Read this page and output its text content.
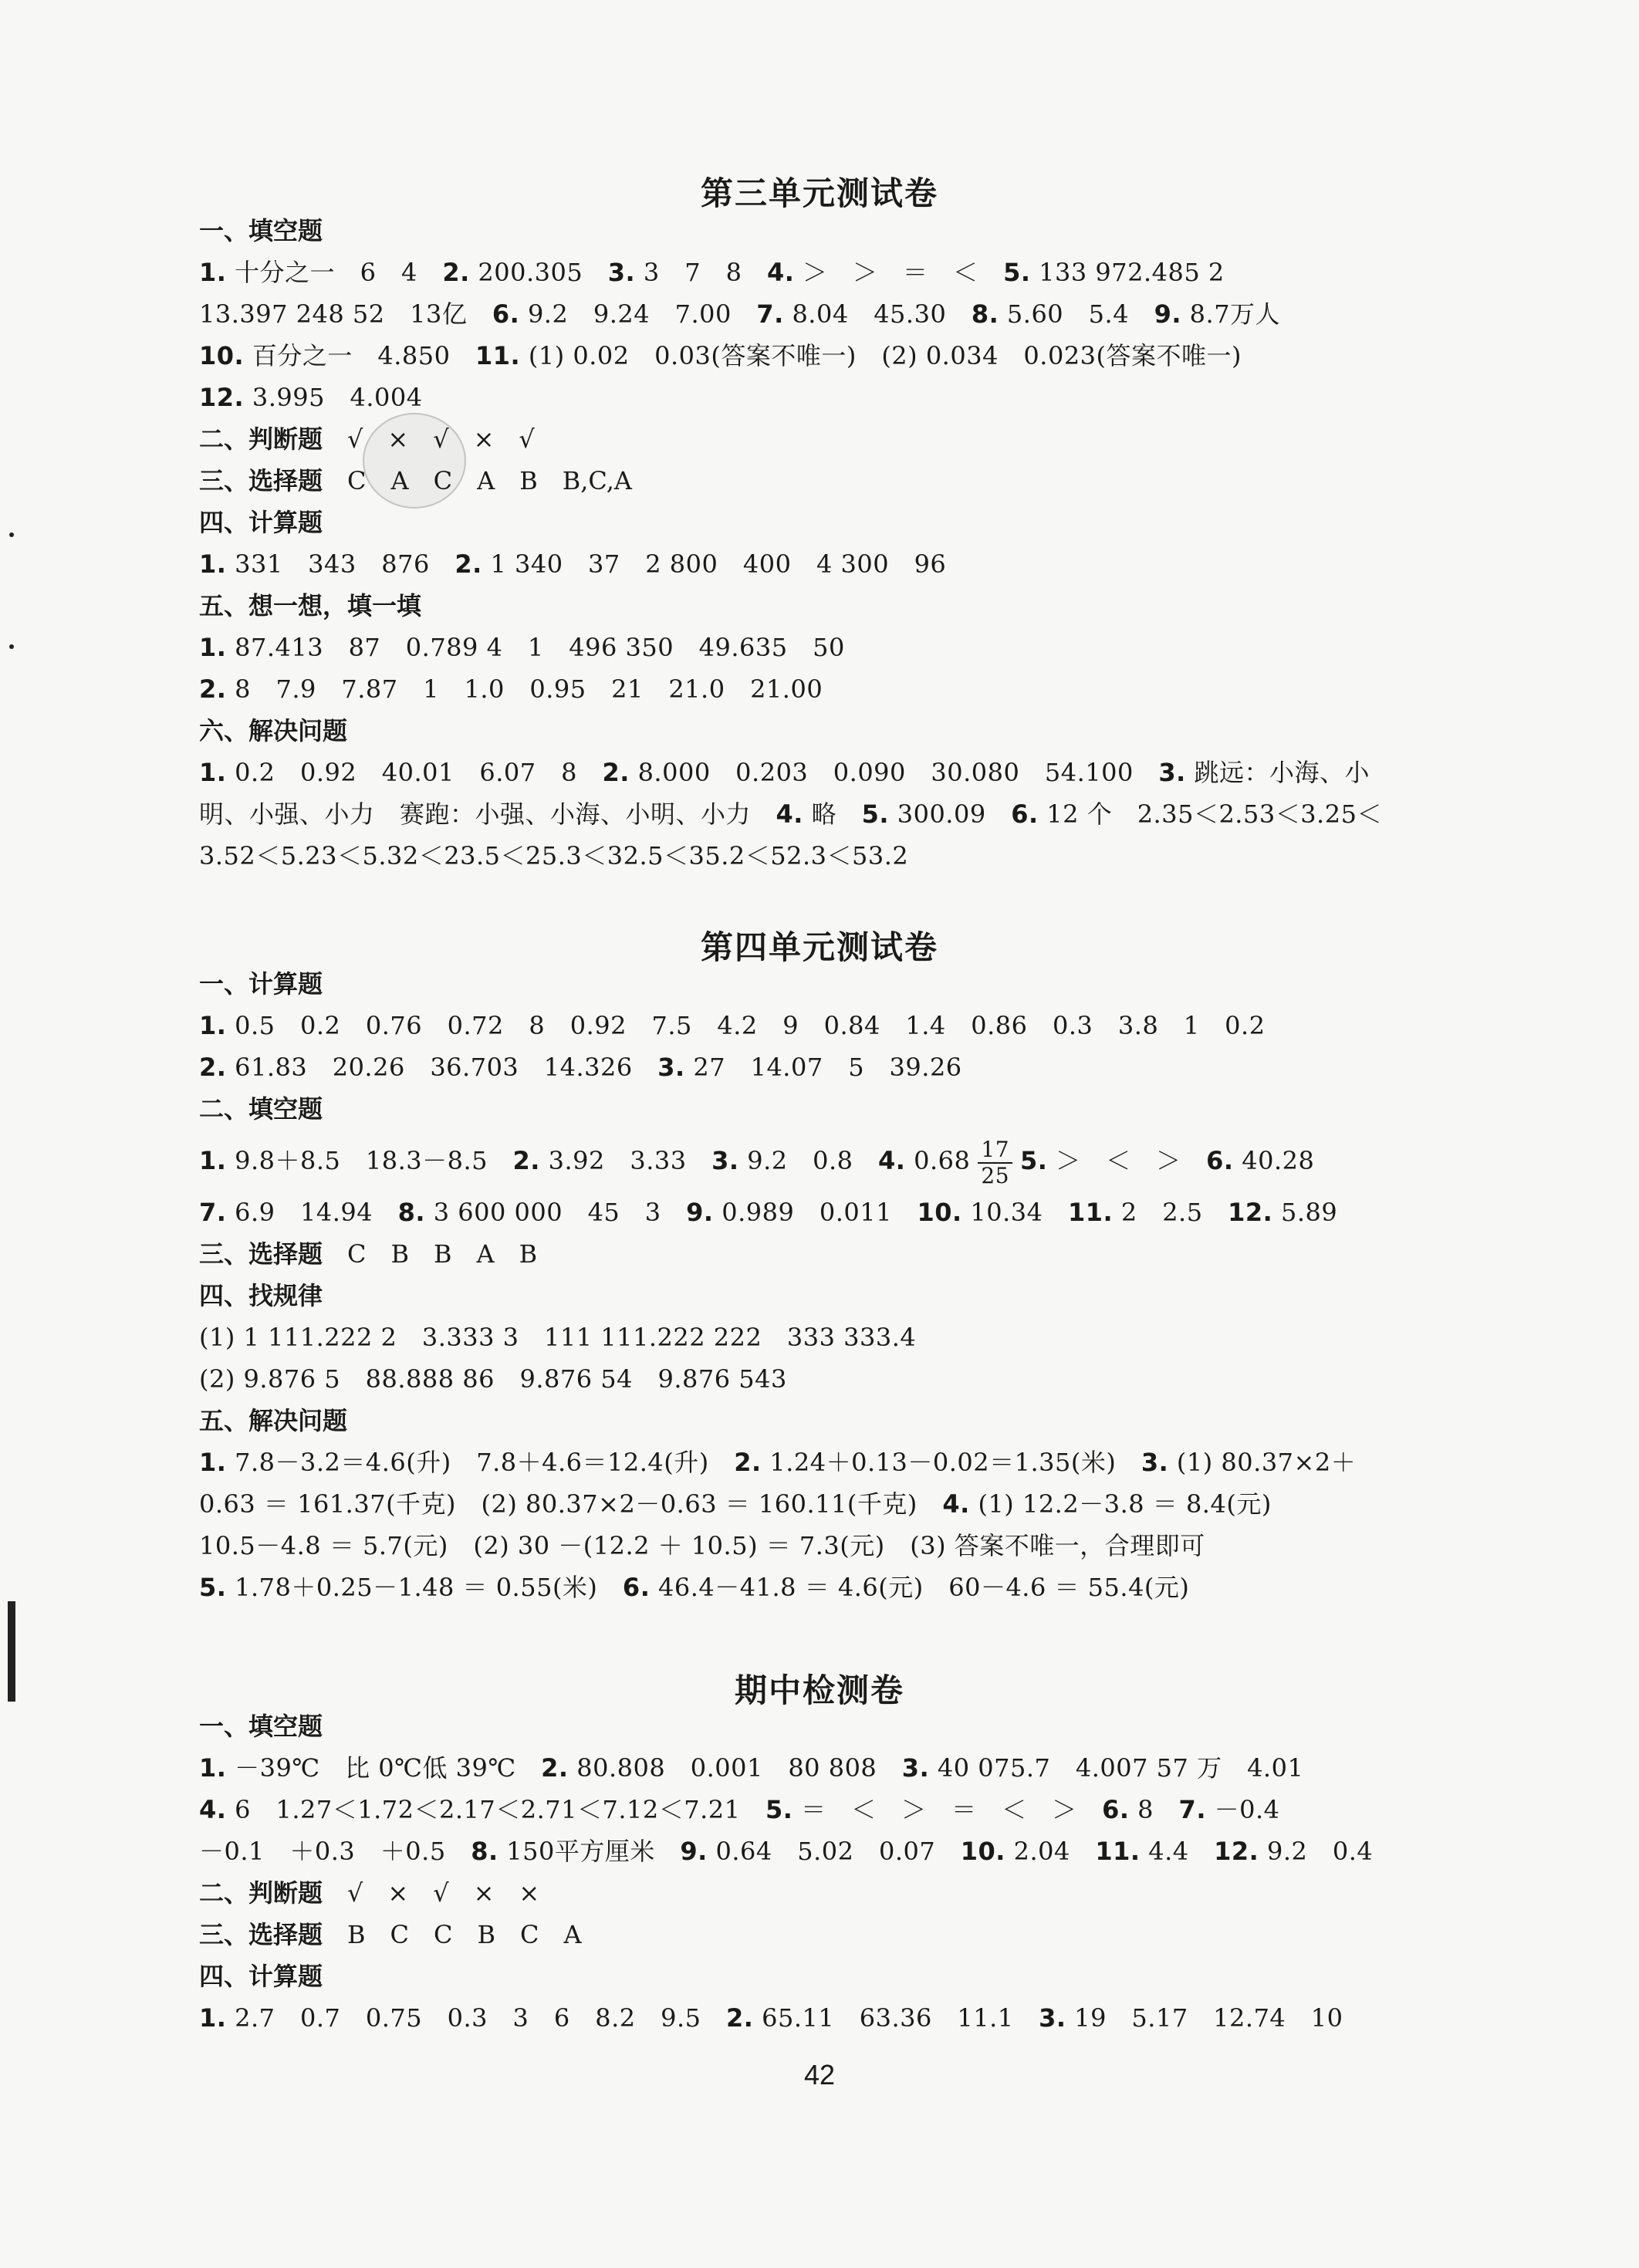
第三单元测试卷
一、填空题
1. 十分之一　6　4　2. 200.305　3. 3　7　8　4. ＞　＞　＝　＜　5. 133 972.485 2
13.397 248 52　13亿　6. 9.2　9.24　7.00　7. 8.04　45.30　8. 5.60　5.4　9. 8.7万人
10. 百分之一　4.850　11. (1) 0.02　0.03(答案不唯一)　(2) 0.034　0.023(答案不唯一)
12. 3.995　4.004
二、判断题　√　×　√　×　√
三、选择题　C　A　C　A　B　B,C,A
四、计算题
1. 331　343　876　2. 1 340　37　2 800　400　4 300　96
五、想一想，填一填
1. 87.413　87　0.789 4　1　496 350　49.635　50
2. 8　7.9　7.87　1　1.0　0.95　21　21.0　21.00
六、解决问题
1. 0.2　0.92　40.01　6.07　8　2. 8.000　0.203　0.090　30.080　54.100　3. 跳远：小海、小
明、小强、小力　赛跑：小强、小海、小明、小力　4. 略　5. 300.09　6. 12 个　2.35＜2.53＜3.25＜
3.52＜5.23＜5.32＜23.5＜25.3＜32.5＜35.2＜52.3＜53.2
第四单元测试卷
一、计算题
1. 0.5　0.2　0.76　0.72　8　0.92　7.5　4.2　9　0.84　1.4　0.86　0.3　3.8　1　0.2
2. 61.83　20.26　36.703　14.326　3. 27　14.07　5　39.26
二、填空题
1. 9.8＋8.5　18.3－8.5　2. 3.92　3.33　3. 9.2　0.8　4. $0.68 \frac{17}{25} 5$. ＞　＜　＞　6. 40.28
7. 6.9　14.94　8. 3 600 000　45　3　9. 0.989　0.011　10. 10.34　11. 2　2.5　12. 5.89
三、选择题　C　B　B　A　B
四、找规律
(1) 1 111.222 2　3.333 3　111 111.222 222　333 333.4
(2) 9.876 5　88.888 86　9.876 54　9.876 543
五、解决问题
1. 7.8－3.2＝4.6(升)　7.8＋4.6＝12.4(升)　2. 1.24＋0.13－0.02＝1.35(米)　3. (1) 80.37×2＋
0.63 ＝ 161.37(千克)　(2) 80.37×2－0.63 ＝ 160.11(千克)　4. (1) 12.2－3.8 ＝ 8.4(元)
10.5－4.8 ＝ 5.7(元)　(2) 30 －(12.2 ＋ 10.5) ＝ 7.3(元)　(3) 答案不唯一，合理即可
5. 1.78＋0.25－1.48 ＝ 0.55(米)　6. 46.4－41.8 ＝ 4.6(元)　60－4.6 ＝ 55.4(元)
期中检测卷
一、填空题
1. －39℃　比 0℃低 39℃　2. 80.808　0.001　80 808　3. 40 075.7　4.007 57 万　4.01
4. 6　1.27＜1.72＜2.17＜2.71＜7.12＜7.21　5. ＝　＜　＞　＝　＜　＞　6. 8　7. －0.4
－0.1　＋0.3　＋0.5　8. 150平方厘米　9. 0.64　5.02　0.07　10. 2.04　11. 4.4　12. 9.2　0.4
二、判断题　√　×　√　×　×
三、选择题　B　C　C　B　C　A
四、计算题
1. 2.7　0.7　0.75　0.3　3　6　8.2　9.5　2. 65.11　63.36　11.1　3. 19　5.17　12.74　10
42
